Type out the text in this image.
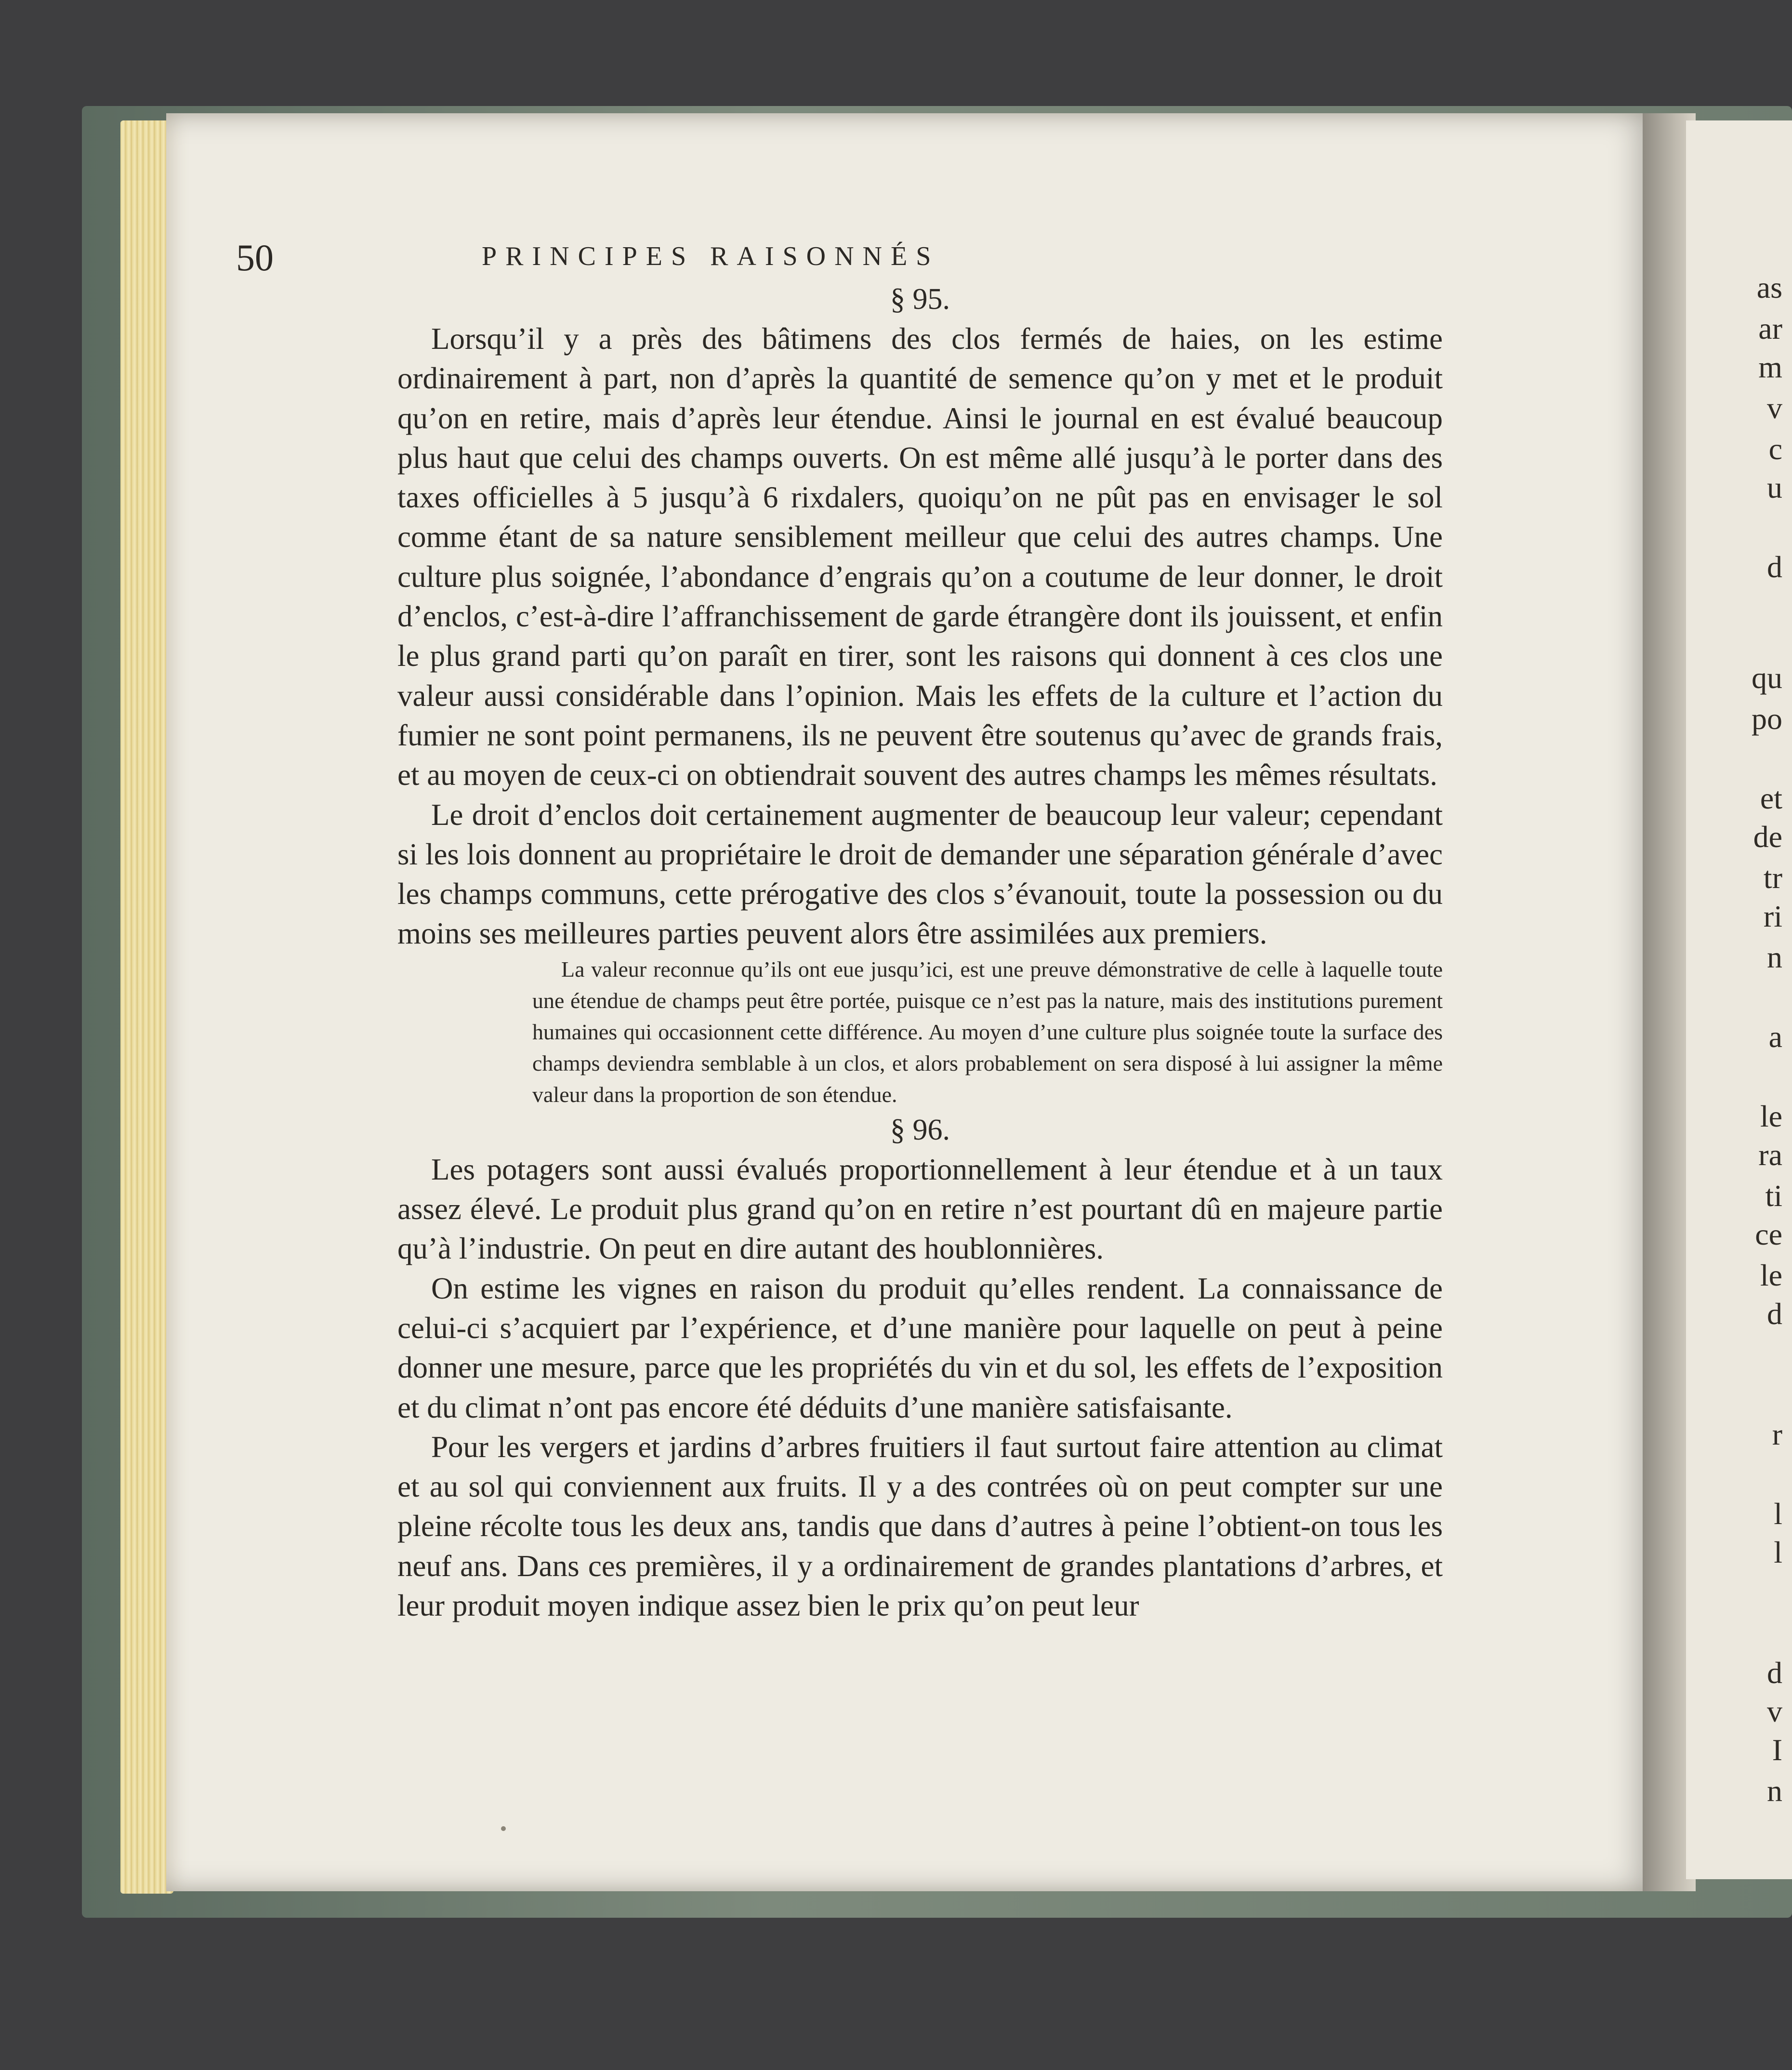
as
ar
m
v
c
u
d
qu
po
et
de
tr
ri
n
a
le
ra
ti
ce
le
d
r
l
l
d
v
I
n
50	PRINCIPES RAISONNÉS

§ 95.

Lorsqu’il y a près des bâtimens des clos fermés de haies, on les estime ordinairement à part, non d’après la quantité de semence qu’on y met et le produit qu’on en retire, mais d’après leur étendue. Ainsi le journal en est évalué beaucoup plus haut que celui des champs ouverts. On est même allé jusqu’à le porter dans des taxes officielles à 5 jusqu’à 6 rixdalers, quoiqu’on ne pût pas en envisager le sol comme étant de sa nature sensiblement meilleur que celui des autres champs. Une culture plus soignée, l’abondance d’engrais qu’on a coutume de leur donner, le droit d’enclos, c’est-à-dire l’affranchissement de garde étrangère dont ils jouissent, et enfin le plus grand parti qu’on paraît en tirer, sont les raisons qui donnent à ces clos une valeur aussi considérable dans l’opinion. Mais les effets de la culture et l’action du fumier ne sont point permanens, ils ne peuvent être soutenus qu’avec de grands frais, et au moyen de ceux-ci on obtiendrait souvent des autres champs les mêmes résultats.

Le droit d’enclos doit certainement augmenter de beaucoup leur valeur; cependant si les lois donnent au propriétaire le droit de demander une séparation générale d’avec les champs communs, cette prérogative des clos s’évanouit, toute la possession ou du moins ses meilleures parties peuvent alors être assimilées aux premiers.

La valeur reconnue qu’ils ont eue jusqu’ici, est une preuve démonstrative de celle à laquelle toute une étendue de champs peut être portée, puisque ce n’est pas la nature, mais des institutions purement humaines qui occasionnent cette différence. Au moyen d’une culture plus soignée toute la surface des champs deviendra semblable à un clos, et alors probablement on sera disposé à lui assigner la même valeur dans la proportion de son étendue.

§ 96.

Les potagers sont aussi évalués proportionnellement à leur étendue et à un taux assez élevé. Le produit plus grand qu’on en retire n’est pourtant dû en majeure partie qu’à l’industrie. On peut en dire autant des houblonnières.

On estime les vignes en raison du produit qu’elles rendent. La connaissance de celui-ci s’acquiert par l’expérience, et d’une manière pour laquelle on peut à peine donner une mesure, parce que les propriétés du vin et du sol, les effets de l’exposition et du climat n’ont pas encore été déduits d’une manière satisfaisante.

Pour les vergers et jardins d’arbres fruitiers il faut surtout faire attention au climat et au sol qui conviennent aux fruits. Il y a des contrées où on peut compter sur une pleine récolte tous les deux ans, tandis que dans d’autres à peine l’obtient-on tous les neuf ans. Dans ces premières, il y a ordinairement de grandes plantations d’arbres, et leur produit moyen indique assez bien le prix qu’on peut leur
